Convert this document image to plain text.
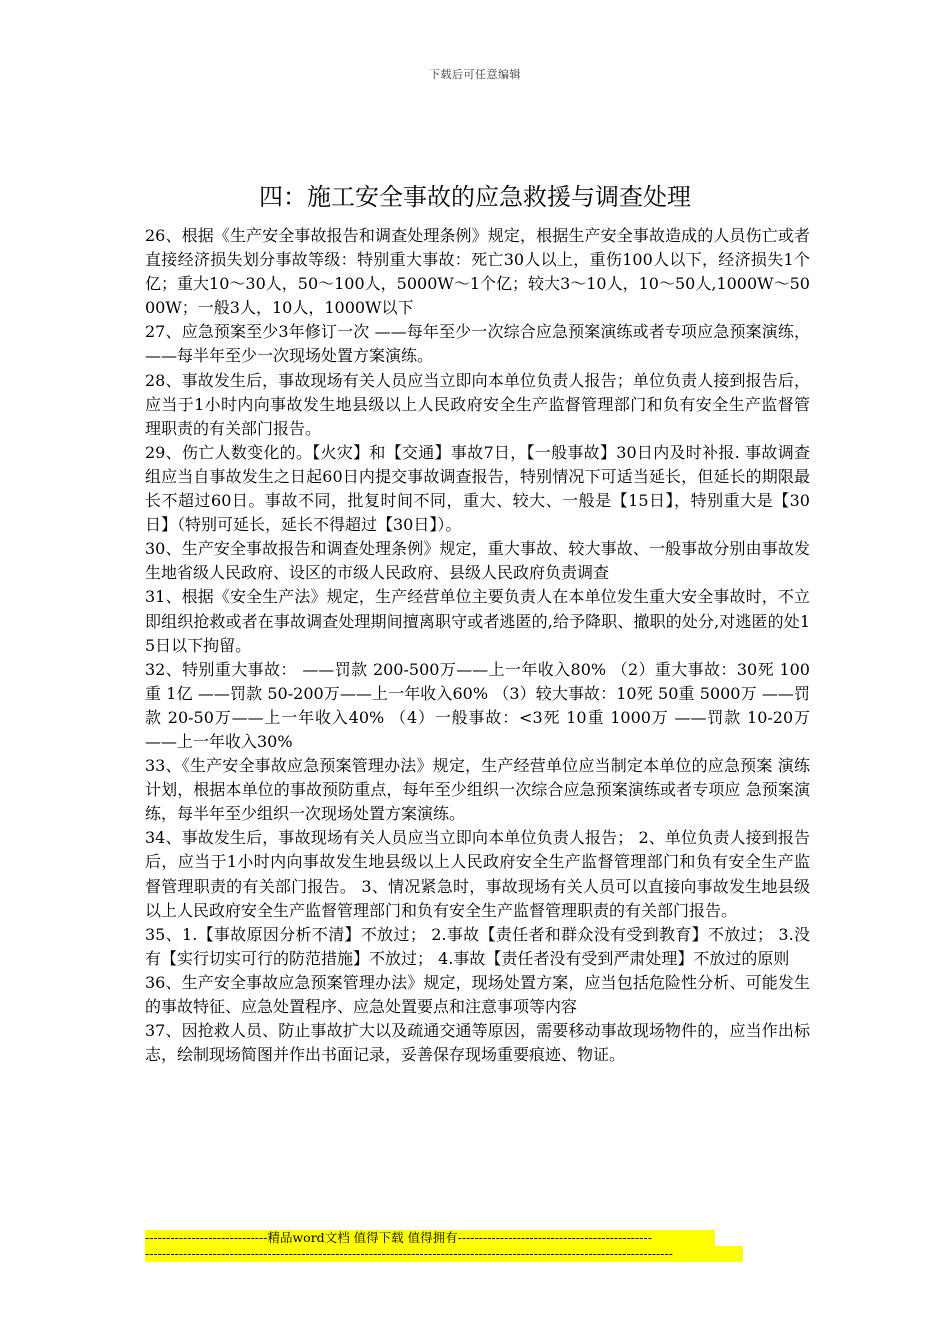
下载后可任意编辑
四：施工安全事故的应急救援与调查处理

26、根据《生产安全事故报告和调查处理条例》规定，根据生产安全事故造成的人员伤亡或者直接经济损失划分事故等级：特别重大事故：死亡30人以上，重伤100人以下，经济损失1个亿；重大10～30人，50～100人，5000W～1个亿；较大3～10人，10～50人,1000W～5000W；一般3人，10人，1000W以下

27、应急预案至少3年修订一次 ——每年至少一次综合应急预案演练或者专项应急预案演练， ——每半年至少一次现场处置方案演练。

28、事故发生后，事故现场有关人员应当立即向本单位负责人报告；单位负责人接到报告后，应当于1小时内向事故发生地县级以上人民政府安全生产监督管理部门和负有安全生产监督管理职责的有关部门报告。

29、伤亡人数变化的。【火灾】和【交通】事故7日，【一般事故】30日内及时补报. 事故调查组应当自事故发生之日起60日内提交事故调查报告，特别情况下可适当延长，但延长的期限最长不超过60日。事故不同，批复时间不同，重大、较大、一般是【15日】，特别重大是【30日】（特别可延长，延长不得超过【30日】）。

30、生产安全事故报告和调查处理条例》规定，重大事故、较大事故、一般事故分别由事故发生地省级人民政府、设区的市级人民政府、县级人民政府负责调查

31、根据《安全生产法》规定，生产经营单位主要负责人在本单位发生重大安全事故时，不立即组织抢救或者在事故调查处理期间擅离职守或者逃匿的,给予降职、撤职的处分,对逃匿的处15日以下拘留。

32、特别重大事故： ——罚款 200-500万——上一年收入80% （2）重大事故：30死 100重 1亿 ——罚款 50-200万——上一年收入60% （3）较大事故：10死 50重 5000万 ——罚款 20-50万——上一年收入40% （4）一般事故：<3死 10重 1000万 ——罚款 10-20万——上一年收入30%

33、《生产安全事故应急预案管理办法》规定，生产经营单位应当制定本单位的应急预案 演练计划，根据本单位的事故预防重点，每年至少组织一次综合应急预案演练或者专项应 急预案演练，每半年至少组织一次现场处置方案演练。

34、事故发生后，事故现场有关人员应当立即向本单位负责人报告； 2、单位负责人接到报告后，应当于1小时内向事故发生地县级以上人民政府安全生产监督管理部门和负有安全生产监督管理职责的有关部门报告。 3、情况紧急时，事故现场有关人员可以直接向事故发生地县级以上人民政府安全生产监督管理部门和负有安全生产监督管理职责的有关部门报告。

35、1.【事故原因分析不清】不放过； 2.事故【责任者和群众没有受到教育】不放过； 3.没有【实行切实可行的防范措施】不放过； 4.事故【责任者没有受到严肃处理】不放过的原则

36、生产安全事故应急预案管理办法》规定，现场处置方案，应当包括危险性分析、可能发生的事故特征、应急处置程序、应急处置要点和注意事项等内容

37、因抢救人员、防止事故扩大以及疏通交通等原因，需要移动事故现场物件的，应当作出标志，绘制现场简图并作出书面记录，妥善保存现场重要痕迹、物证。

-----------------------------精品word文档 值得下载 值得拥有----------------------------------------------
-----------------------------------------------------------------------------------------------------------------------------
